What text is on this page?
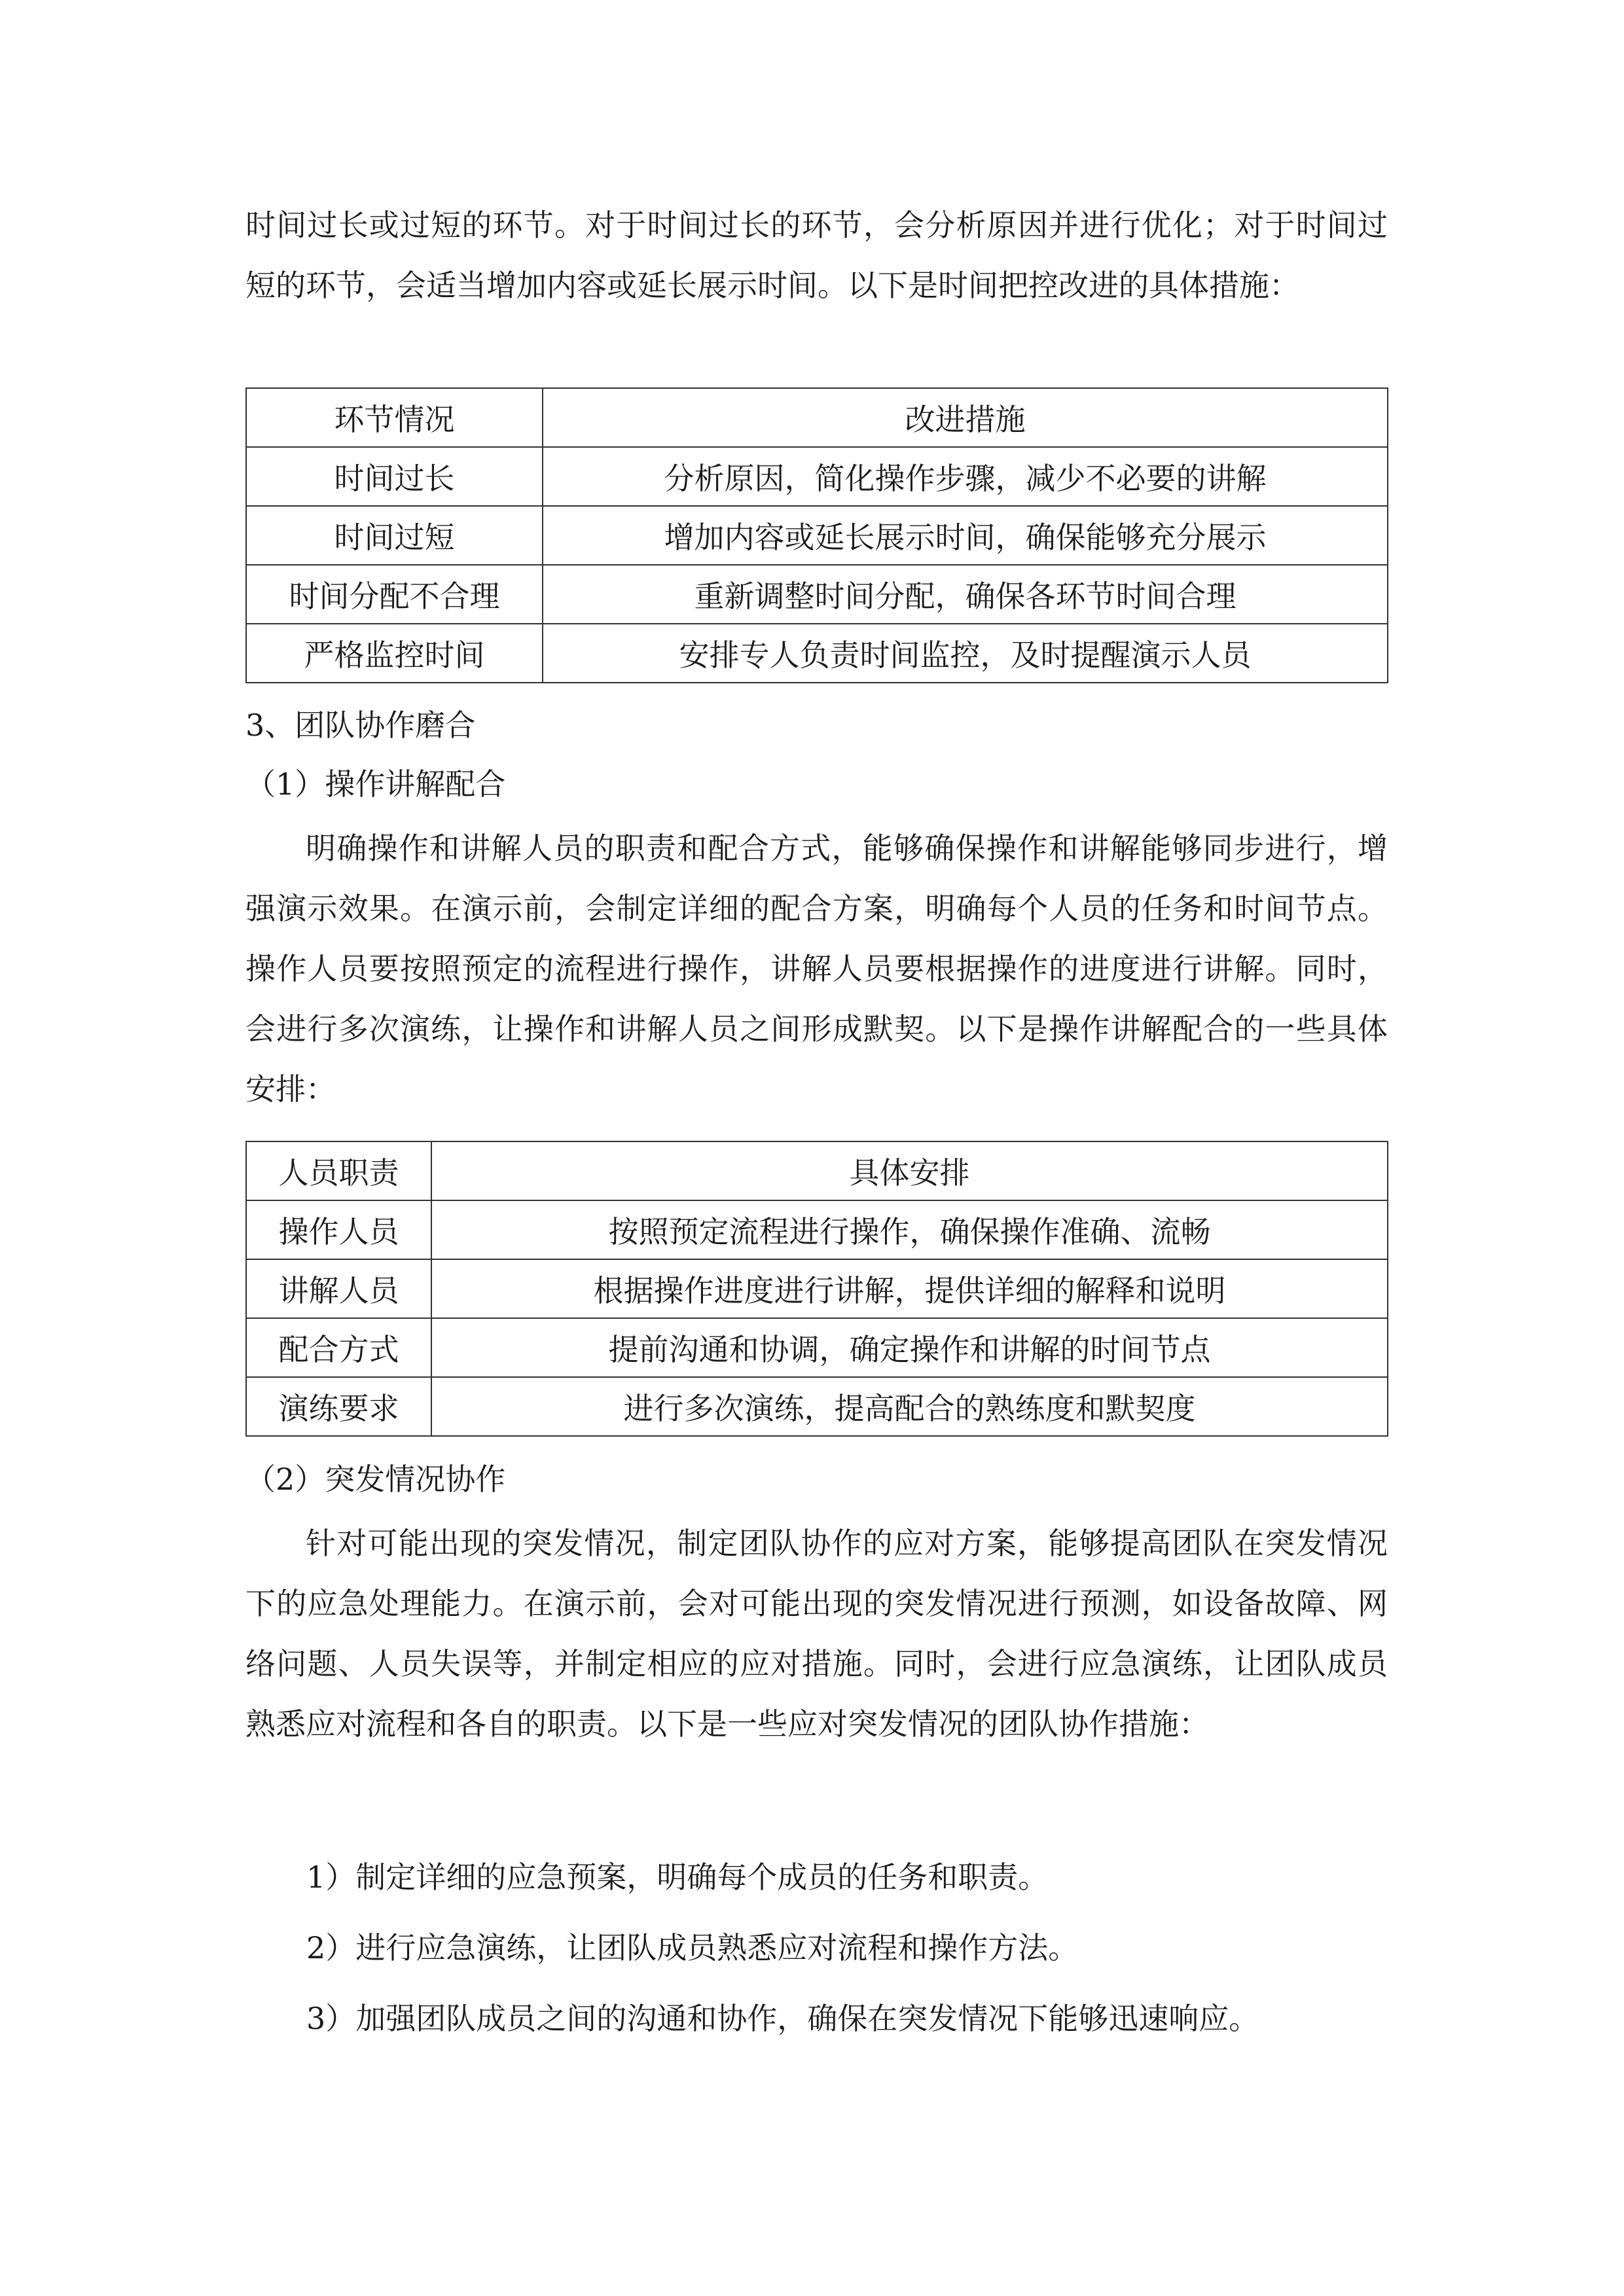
时间过长或过短的环节。对于时间过长的环节，会分析原因并进行优化；对于时间过短的环节，会适当增加内容或延长展示时间。以下是时间把控改进的具体措施：

环节情况	改进措施
时间过长	分析原因，简化操作步骤，减少不必要的讲解
时间过短	增加内容或延长展示时间，确保能够充分展示
时间分配不合理	重新调整时间分配，确保各环节时间合理
严格监控时间	安排专人负责时间监控，及时提醒演示人员
3、团队协作磨合
（1）操作讲解配合

明确操作和讲解人员的职责和配合方式，能够确保操作和讲解能够同步进行，增强演示效果。在演示前，会制定详细的配合方案，明确每个人员的任务和时间节点。操作人员要按照预定的流程进行操作，讲解人员要根据操作的进度进行讲解。同时，会进行多次演练，让操作和讲解人员之间形成默契。以下是操作讲解配合的一些具体安排：

人员职责	具体安排
操作人员	按照预定流程进行操作，确保操作准确、流畅
讲解人员	根据操作进度进行讲解，提供详细的解释和说明
配合方式	提前沟通和协调，确定操作和讲解的时间节点
演练要求	进行多次演练，提高配合的熟练度和默契度
（2）突发情况协作

针对可能出现的突发情况，制定团队协作的应对方案，能够提高团队在突发情况下的应急处理能力。在演示前，会对可能出现的突发情况进行预测，如设备故障、网络问题、人员失误等，并制定相应的应对措施。同时，会进行应急演练，让团队成员熟悉应对流程和各自的职责。以下是一些应对突发情况的团队协作措施：

1）制定详细的应急预案，明确每个成员的任务和职责。

2）进行应急演练，让团队成员熟悉应对流程和操作方法。

3）加强团队成员之间的沟通和协作，确保在突发情况下能够迅速响应。
